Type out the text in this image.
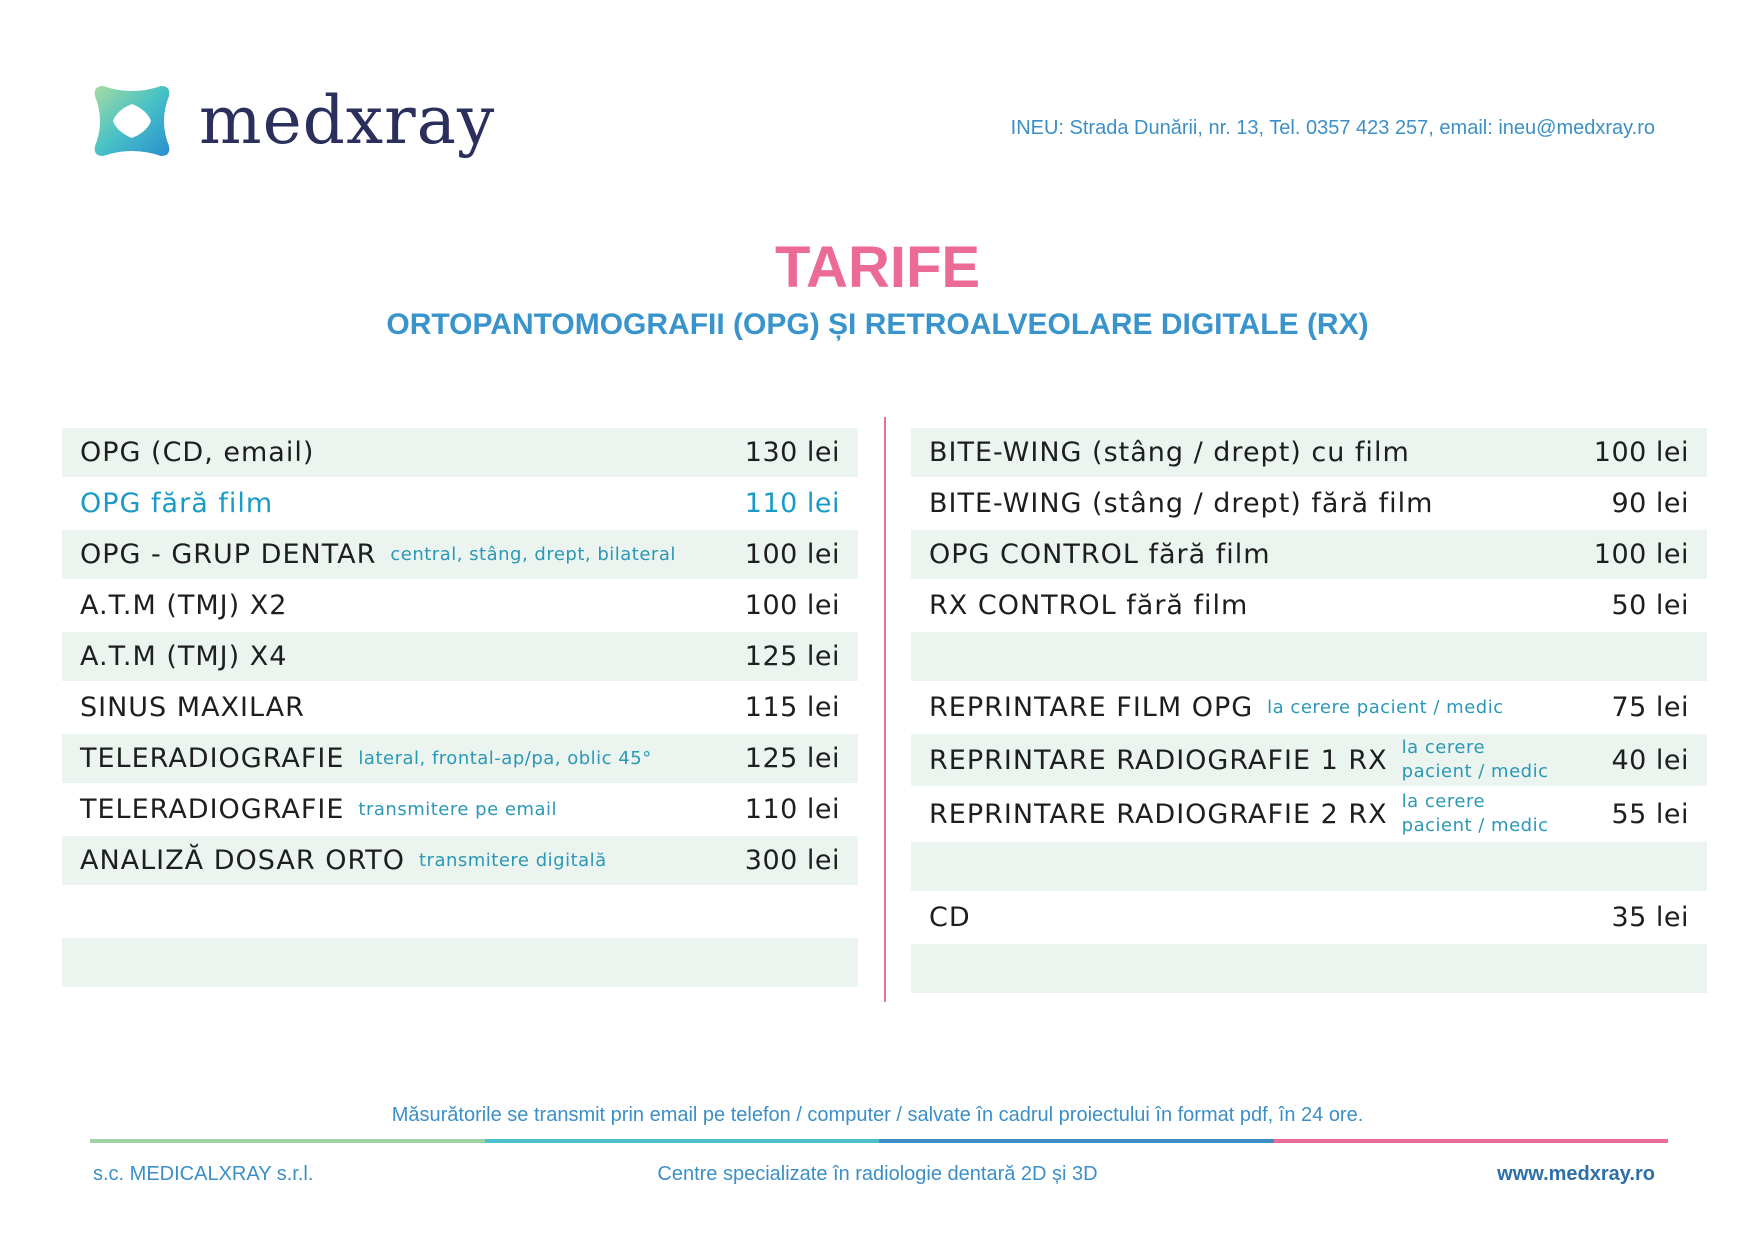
medxray	INEU: Strada Dunării, nr. 13, Tel. 0357 423 257, email: ineu@medxray.ro
TARIFE
ORTOPANTOMOGRAFII (OPG) ȘI RETROALVEOLARE DIGITALE (RX)
OPG (CD, email)	130 lei
OPG fără film	110 lei
OPG - GRUP DENTAR central, stâng, drept, bilateral	100 lei
A.T.M (TMJ) X2	100 lei
A.T.M (TMJ) X4	125 lei
SINUS MAXILAR	115 lei
TELERADIOGRAFIE lateral, frontal-ap/pa, oblic 45°	125 lei
TELERADIOGRAFIE transmitere pe email	110 lei
ANALIZĂ DOSAR ORTO transmitere digitală	300 lei
BITE-WING (stâng / drept) cu film	100 lei
BITE-WING (stâng / drept) fără film	90 lei
OPG CONTROL fără film	100 lei
RX CONTROL fără film	50 lei
REPRINTARE FILM OPG la cerere pacient / medic	75 lei
REPRINTARE RADIOGRAFIE 1 RX la cerere pacient / medic 40 lei
REPRINTARE RADIOGRAFIE 2 RX la cerere pacient / medic 55 lei
CD	35 lei
Măsurătorile se transmit prin email pe telefon / computer / salvate în cadrul proiectului în format pdf, în 24 ore.
s.c. MEDICALXRAY s.r.l.	Centre specializate în radiologie dentară 2D și 3D	www.medxray.ro
